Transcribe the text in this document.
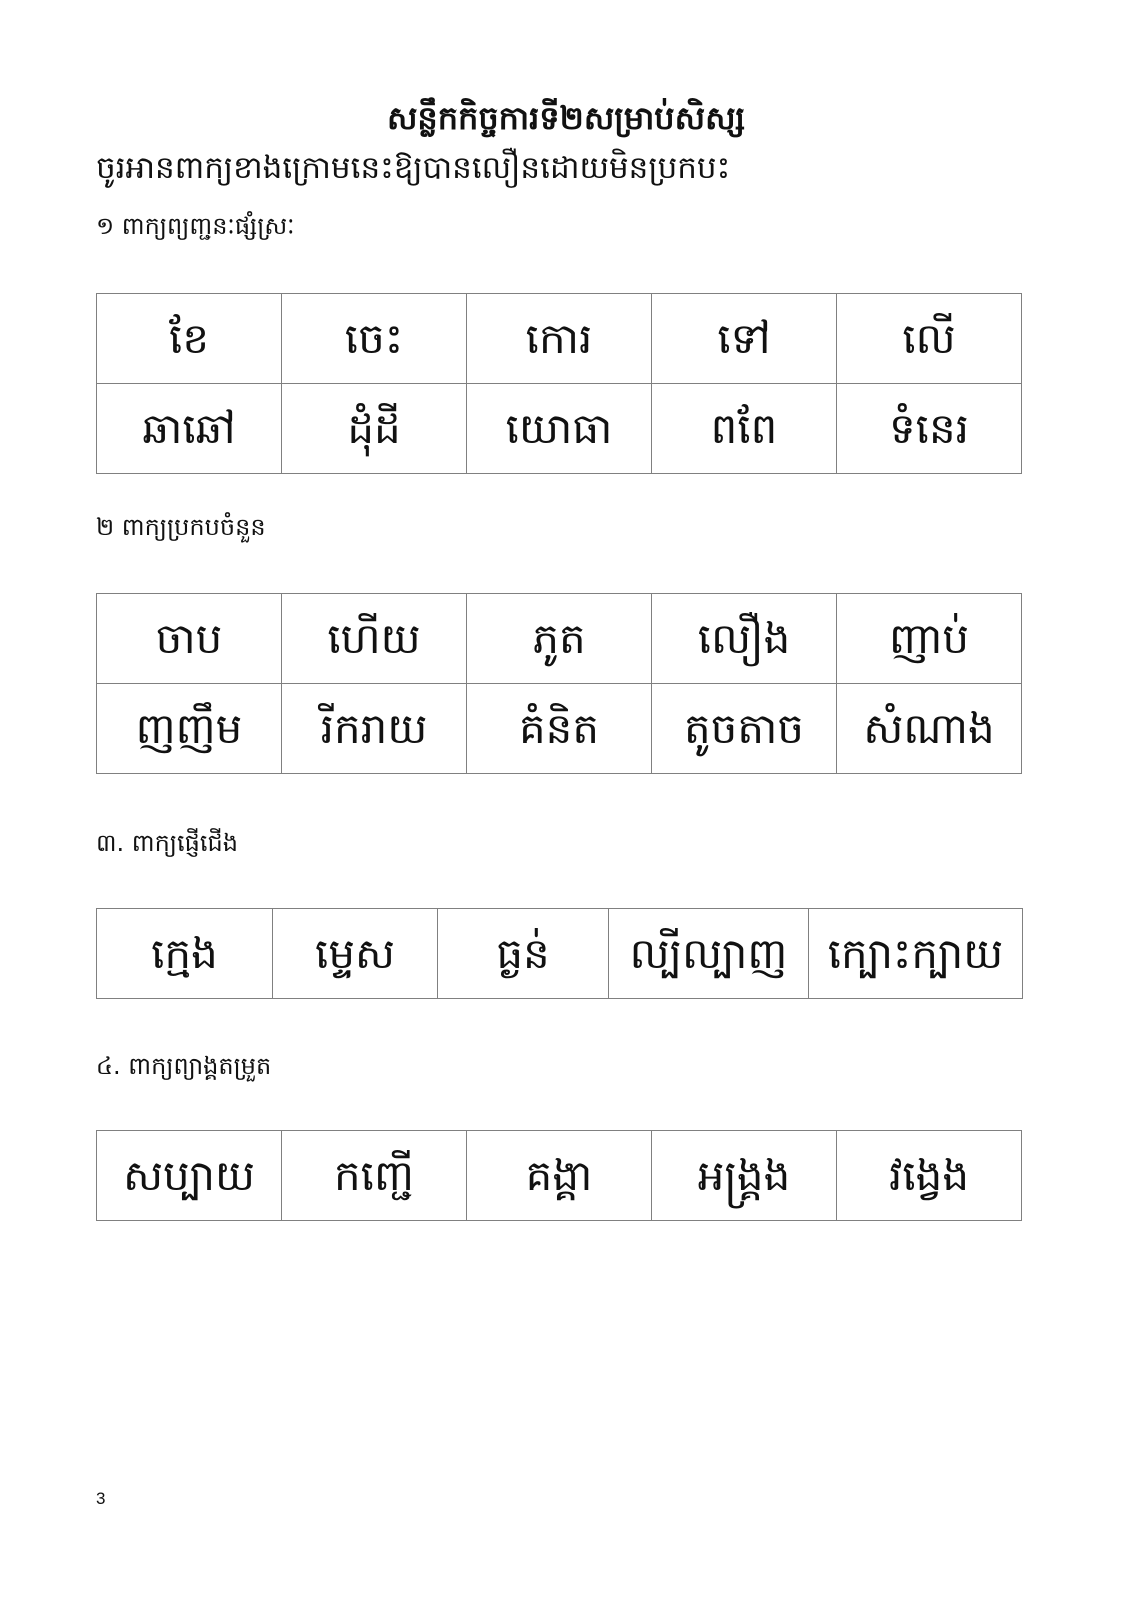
សន្លឹកកិច្ចការទី២សម្រាប់សិស្ស
ចូរអានពាក្យខាងក្រោមនេះឱ្យបានលឿនដោយមិនប្រកបះ
១ ពាក្យព្យញ្ជនៈផ្សំស្រៈ
ខែ	ចេះ	កោរ	ទៅ	លើ
ឆាឆៅ	ដុំដី	យោធា	ពពែ	ទំនេរ
២ ពាក្យប្រកបចំនួន
ចាប	ហើយ	ភូត	លឿង	ញាប់
ញញឹម	រីករាយ	គំនិត	តូចតាច	សំណាង
៣. ពាក្យផ្ញើជើង
ក្មេង	ម្ទេស	ធ្ងន់	ល្បីល្បាញ	ក្បោះក្បាយ
៤. ពាក្យព្យាង្គតម្រួត
សប្បាយ	កញ្ជើ	គង្គា	អង្រ្គង	វង្វេង
3
